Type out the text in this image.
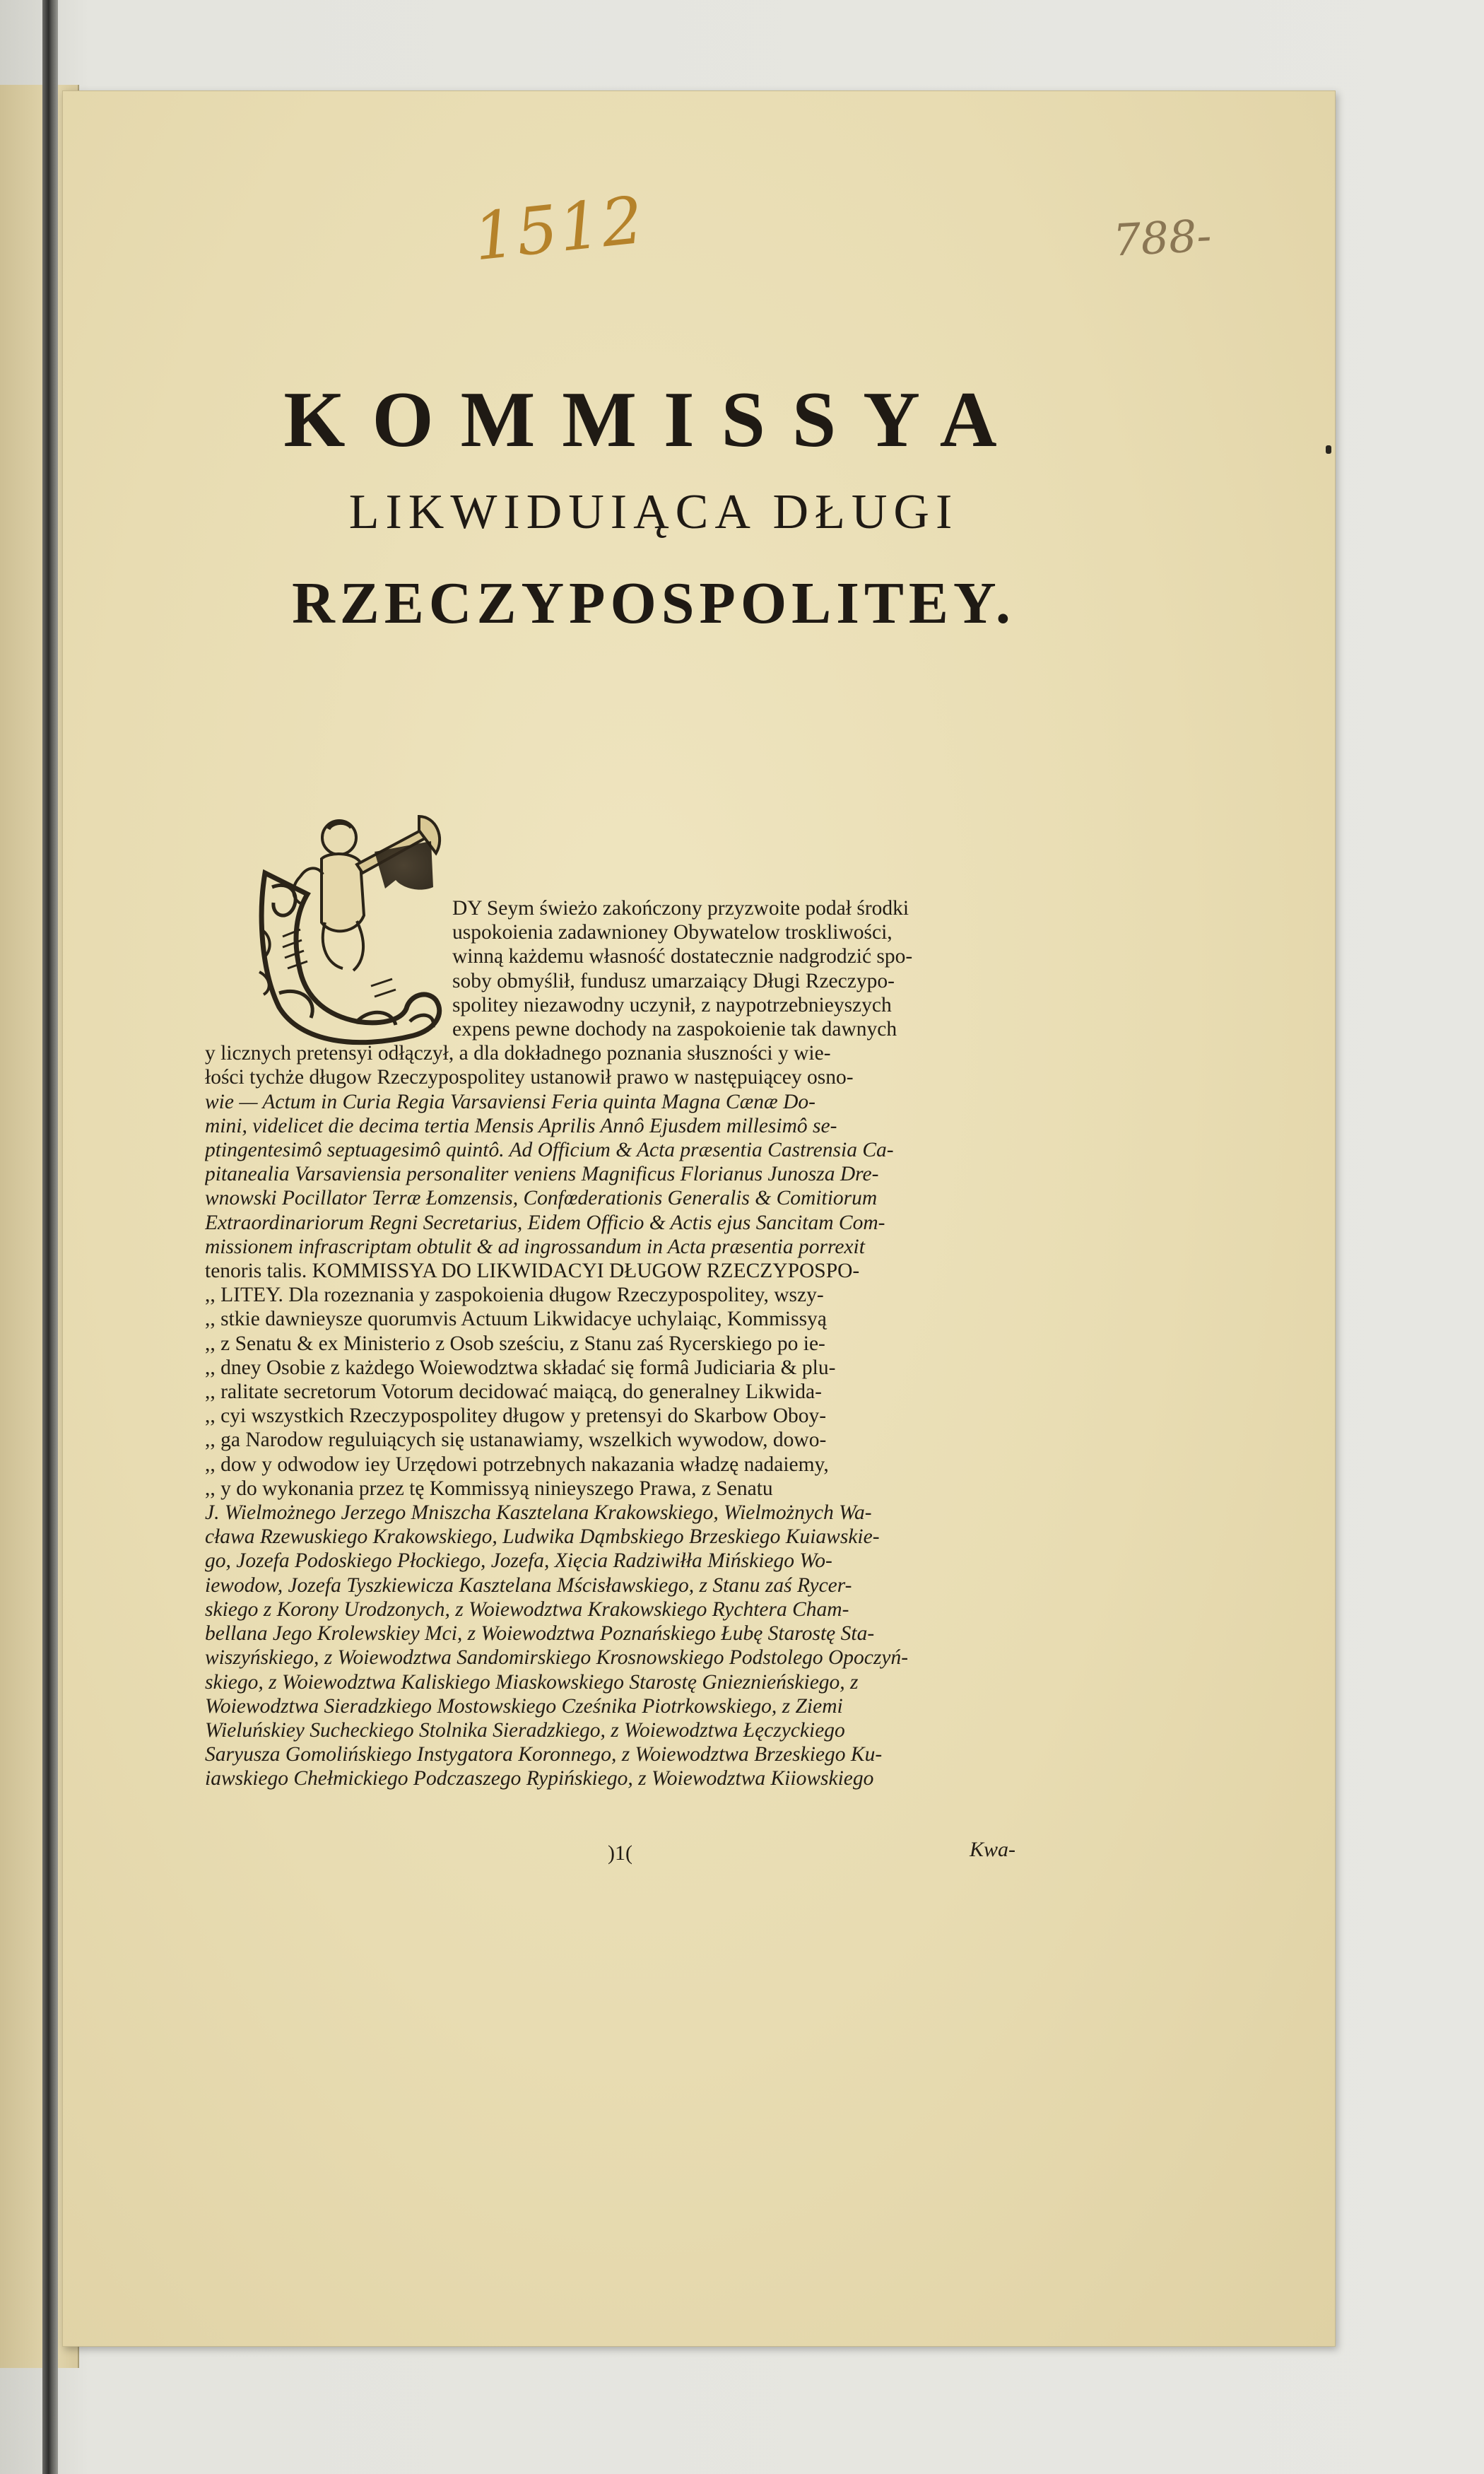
1512	788-
KOMMISSYA
LIKWIDUIĄCA DŁUGI
RZECZYPOSPOLITEY.
DY Seym świeżo zakończony przyzwoite podał środki
uspokoienia zadawnioney Obywatelow troskliwości,
winną każdemu własność dostatecznie nadgrodzić spo-
soby obmyślił, fundusz umarzaiący Długi Rzeczypo-
spolitey niezawodny uczynił, z naypotrzebnieyszych
expens pewne dochody na zaspokoienie tak dawnych
y licznych pretensyi odłączył, a dla dokładnego poznania słuszności y wie-
łości tychże długow Rzeczypospolitey ustanowił prawo w następuiącey osno-
wie — Actum in Curia Regia Varsaviensi Feria quinta Magna Cænæ Do-
mini, videlicet die decima tertia Mensis Aprilis Annô Ejusdem millesimô se-
ptingentesimô septuagesimô quintô. Ad Officium & Acta præsentia Castrensia Ca-
pitanealia Varsaviensia personaliter veniens Magnificus Florianus Junosza Dre-
wnowski Pocillator Terræ Łomzensis, Confœderationis Generalis & Comitiorum
Extraordinariorum Regni Secretarius, Eidem Officio & Actis ejus Sancitam Com-
missionem infrascriptam obtulit & ad ingrossandum in Acta præsentia porrexit
tenoris talis. KOMMISSYA DO LIKWIDACYI DŁUGOW RZECZYPOSPO-
,, LITEY. Dla rozeznania y zaspokoienia długow Rzeczypospolitey, wszy-
,, stkie dawnieysze quorumvis Actuum Likwidacye uchylaiąc, Kommissyą
,, z Senatu & ex Ministerio z Osob sześciu, z Stanu zaś Rycerskiego po ie-
,, dney Osobie z każdego Woiewodztwa składać się formâ Judiciaria & plu-
,, ralitate secretorum Votorum decidować maiącą, do generalney Likwida-
,, cyi wszystkich Rzeczypospolitey długow y pretensyi do Skarbow Oboy-
,, ga Narodow reguluiących się ustanawiamy, wszelkich wywodow, dowo-
,, dow y odwodow iey Urzędowi potrzebnych nakazania władzę nadaiemy,
,, y do wykonania przez tę Kommissyą ninieyszego Prawa, z Senatu
J. Wielmożnego Jerzego Mniszcha Kasztelana Krakowskiego, Wielmożnych Wa-
cława Rzewuskiego Krakowskiego, Ludwika Dąmbskiego Brzeskiego Kuiawskie-
go, Jozefa Podoskiego Płockiego, Jozefa, Xięcia Radziwiłła Mińskiego Wo-
iewodow, Jozefa Tyszkiewicza Kasztelana Mścisławskiego, z Stanu zaś Rycer-
skiego z Korony Urodzonych, z Woiewodztwa Krakowskiego Rychtera Cham-
bellana Jego Krolewskiey Mci, z Woiewodztwa Poznańskiego Łubę Starostę Sta-
wiszyńskiego, z Woiewodztwa Sandomirskiego Krosnowskiego Podstolego Opoczyń-
skiego, z Woiewodztwa Kaliskiego Miaskowskiego Starostę Gnieznieńskiego, z
Woiewodztwa Sieradzkiego Mostowskiego Cześnika Piotrkowskiego, z Ziemi
Wieluńskiey Sucheckiego Stolnika Sieradzkiego, z Woiewodztwa Łęczyckiego
Saryusza Gomolińskiego Instygatora Koronnego, z Woiewodztwa Brzeskiego Ku-
iawskiego Chełmickiego Podczaszego Rypińskiego, z Woiewodztwa Kiiowskiego
)1(	Kwa-
